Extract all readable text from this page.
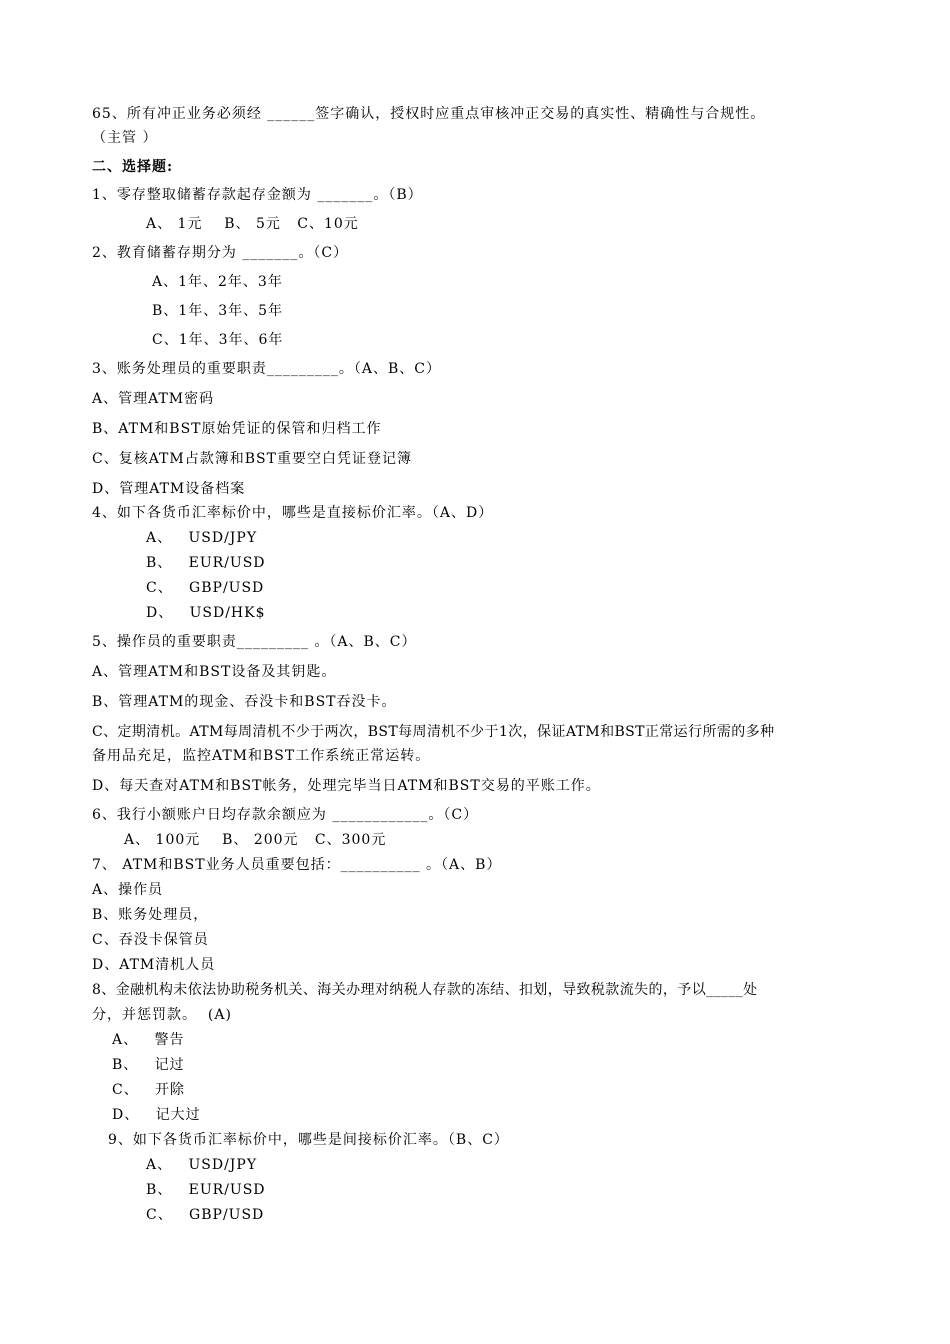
65、所有冲正业务必须经 ______签字确认，授权时应重点审核冲正交易的真实性、精确性与合规性。
（主管 ）
二、选择题:
1、零存整取储蓄存款起存金额为 _______。（B）
A、 1元    B、 5元   C、10元
2、教育储蓄存期分为 _______。（C）
A、1年、2年、3年
B、1年、3年、5年
C、1年、3年、6年
3、账务处理员的重要职责_________。（A、B、C）
A、管理ATM密码
B、ATM和BST原始凭证的保管和归档工作
C、复核ATM占款簿和BST重要空白凭证登记簿
D、管理ATM设备档案
4、如下各货币汇率标价中，哪些是直接标价汇率。（A、D）
A、   USD/JPY
B、   EUR/USD
C、   GBP/USD
D、   USD/HK$
5、操作员的重要职责_________ 。（A、B、C）
A、管理ATM和BST设备及其钥匙。
B、管理ATM的现金、吞没卡和BST吞没卡。
C、定期清机。ATM每周清机不少于两次，BST每周清机不少于1次，保证ATM和BST正常运行所需的多种
备用品充足，监控ATM和BST工作系统正常运转。
D、每天查对ATM和BST帐务，处理完毕当日ATM和BST交易的平账工作。
6、我行小额账户日均存款余额应为 ____________。（C）
A、 100元    B、 200元   C、300元
7、 ATM和BST业务人员重要包括：__________ 。（A、B）
A、操作员
B、账务处理员，
C、吞没卡保管员
D、ATM清机人员
8、金融机构未依法协助税务机关、海关办理对纳税人存款的冻结、扣划，导致税款流失的，予以_____处
分，并惩罚款。  (A)
A、   警告
B、   记过
C、   开除
D、   记大过
9、如下各货币汇率标价中，哪些是间接标价汇率。（B、C）
A、   USD/JPY
B、   EUR/USD
C、   GBP/USD
